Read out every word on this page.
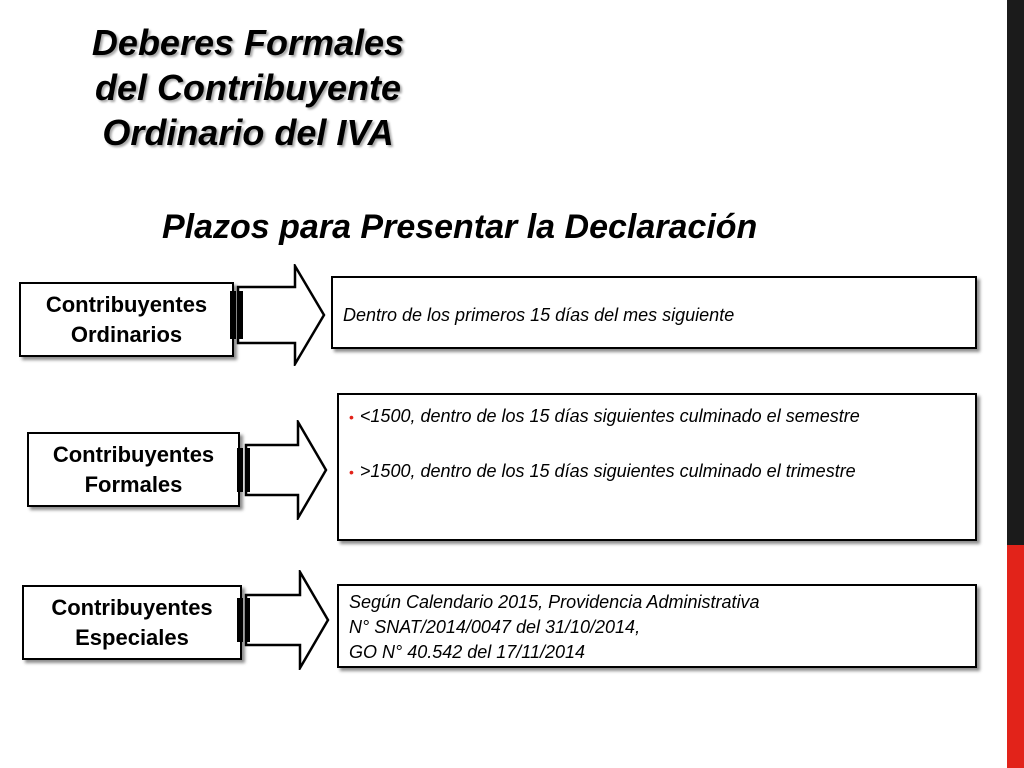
Deberes Formales
del Contribuyente
Ordinario del IVA
Plazos para Presentar la Declaración
Contribuyentes
Ordinarios
Dentro de los primeros 15 días del mes siguiente
Contribuyentes
Formales
• <1500, dentro de los 15 días siguientes culminado el semestre
• >1500, dentro de los 15 días siguientes culminado el trimestre
Contribuyentes
Especiales
Según Calendario 2015, Providencia Administrativa
N° SNAT/2014/0047 del 31/10/2014,
GO N° 40.542 del 17/11/2014
